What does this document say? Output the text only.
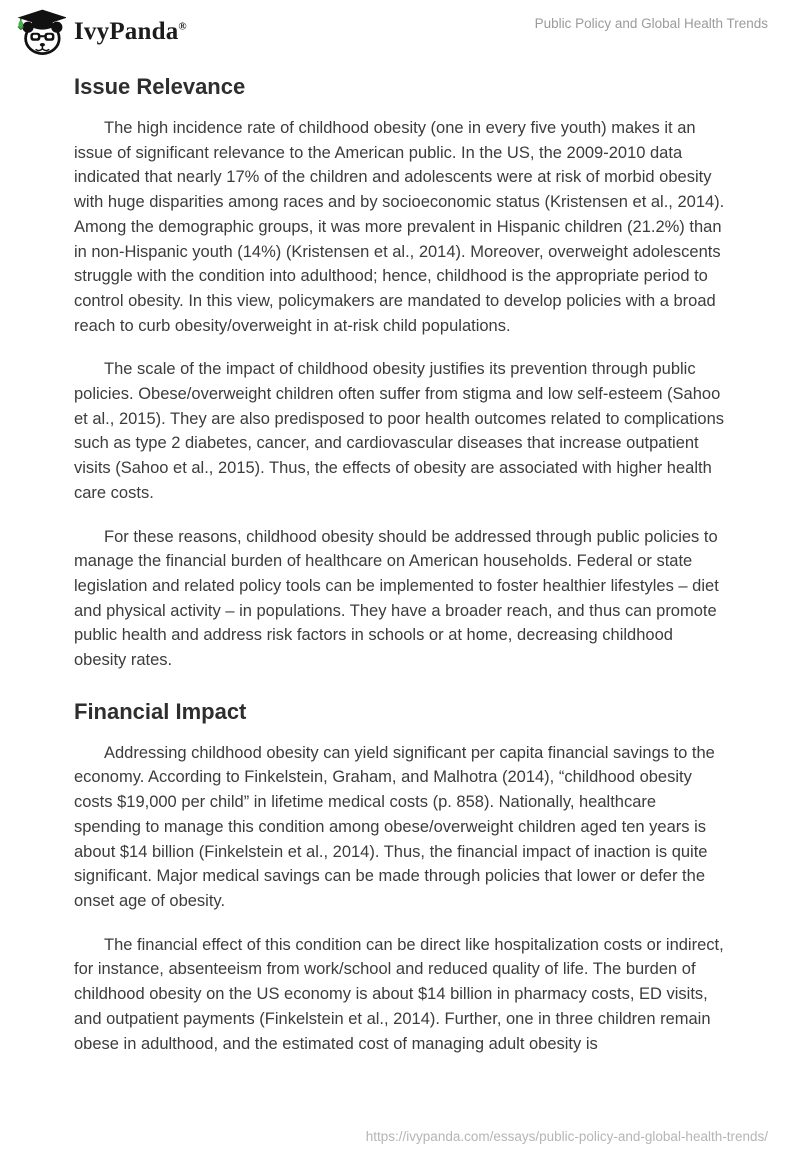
IvyPanda®	Public Policy and Global Health Trends
Issue Relevance

The high incidence rate of childhood obesity (one in every five youth) makes it an issue of significant relevance to the American public. In the US, the 2009-2010 data indicated that nearly 17% of the children and adolescents were at risk of morbid obesity with huge disparities among races and by socioeconomic status (Kristensen et al., 2014). Among the demographic groups, it was more prevalent in Hispanic children (21.2%) than in non-Hispanic youth (14%) (Kristensen et al., 2014). Moreover, overweight adolescents struggle with the condition into adulthood; hence, childhood is the appropriate period to control obesity. In this view, policymakers are mandated to develop policies with a broad reach to curb obesity/overweight in at-risk child populations.

The scale of the impact of childhood obesity justifies its prevention through public policies. Obese/overweight children often suffer from stigma and low self-esteem (Sahoo et al., 2015). They are also predisposed to poor health outcomes related to complications such as type 2 diabetes, cancer, and cardiovascular diseases that increase outpatient visits (Sahoo et al., 2015). Thus, the effects of obesity are associated with higher health care costs.

For these reasons, childhood obesity should be addressed through public policies to manage the financial burden of healthcare on American households. Federal or state legislation and related policy tools can be implemented to foster healthier lifestyles – diet and physical activity – in populations. They have a broader reach, and thus can promote public health and address risk factors in schools or at home, decreasing childhood obesity rates.

Financial Impact

Addressing childhood obesity can yield significant per capita financial savings to the economy. According to Finkelstein, Graham, and Malhotra (2014), “childhood obesity costs $19,000 per child” in lifetime medical costs (p. 858). Nationally, healthcare spending to manage this condition among obese/overweight children aged ten years is about $14 billion (Finkelstein et al., 2014). Thus, the financial impact of inaction is quite significant. Major medical savings can be made through policies that lower or defer the onset age of obesity.

The financial effect of this condition can be direct like hospitalization costs or indirect, for instance, absenteeism from work/school and reduced quality of life. The burden of childhood obesity on the US economy is about $14 billion in pharmacy costs, ED visits, and outpatient payments (Finkelstein et al., 2014). Further, one in three children remain obese in adulthood, and the estimated cost of managing adult obesity is

https://ivypanda.com/essays/public-policy-and-global-health-trends/
